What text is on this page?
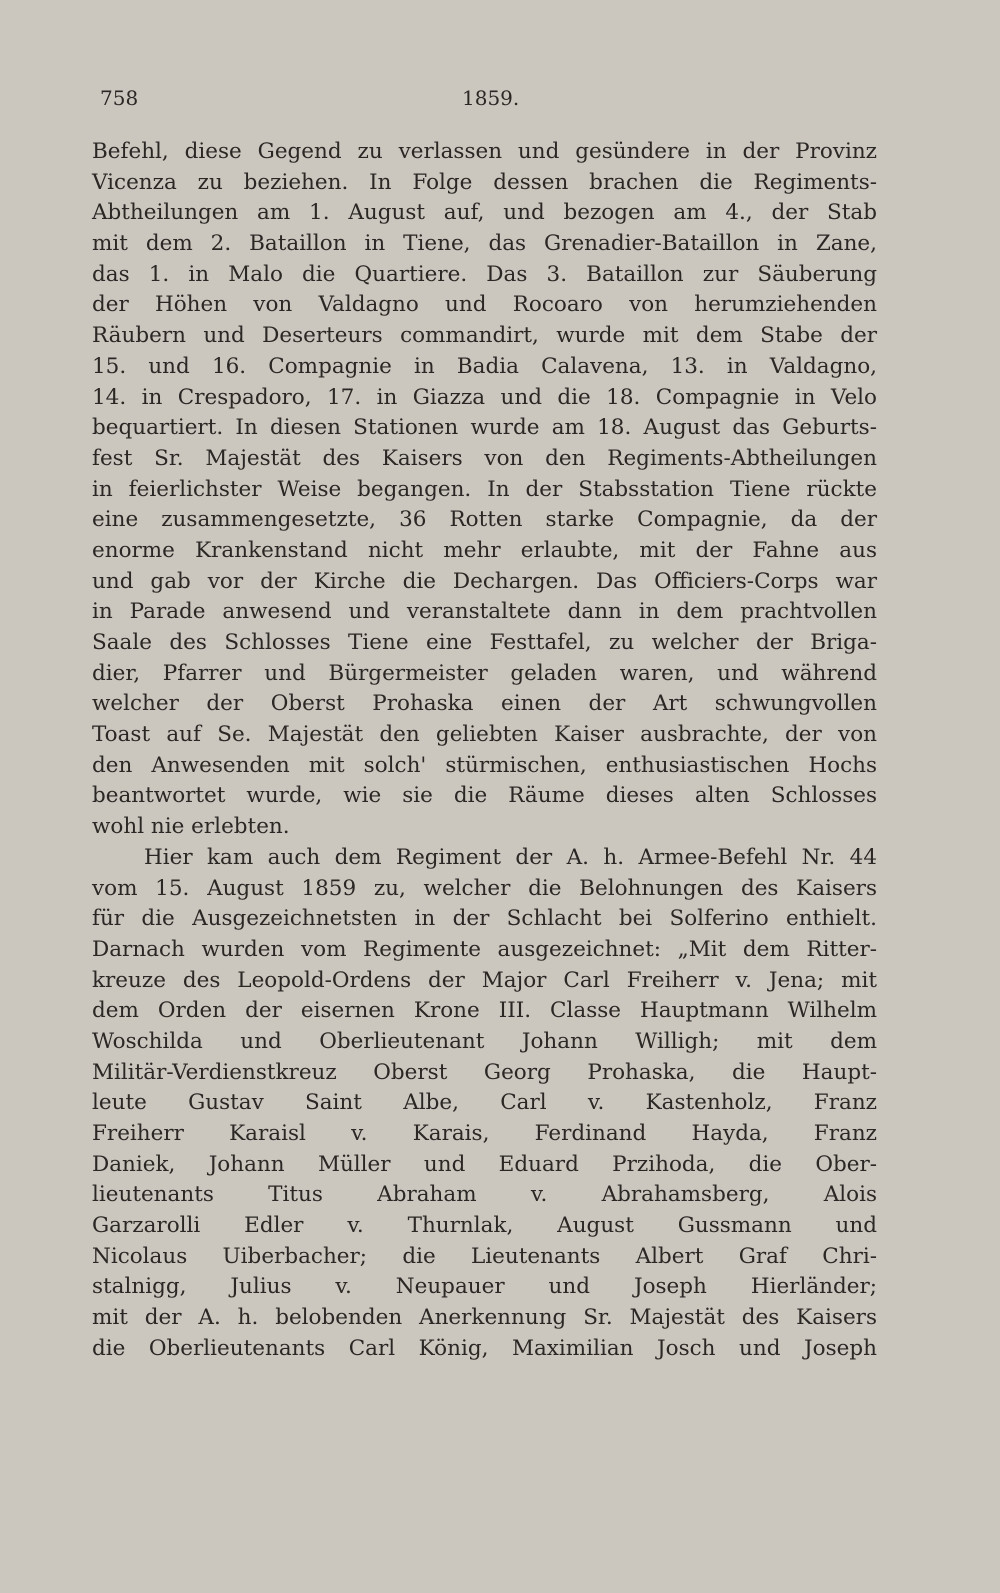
758	1859.
Befehl, diese Gegend zu verlassen und gesündere in der Provinz
Vicenza zu beziehen. In Folge dessen brachen die Regiments-
Abtheilungen am 1. August auf, und bezogen am 4., der Stab
mit dem 2. Bataillon in Tiene, das Grenadier-Bataillon in Zane,
das 1. in Malo die Quartiere. Das 3. Bataillon zur Säuberung
der Höhen von Valdagno und Rocoaro von herumziehenden
Räubern und Deserteurs commandirt, wurde mit dem Stabe der
15. und 16. Compagnie in Badia Calavena, 13. in Valdagno,
14. in Crespadoro, 17. in Giazza und die 18. Compagnie in Velo
bequartiert. In diesen Stationen wurde am 18. August das Geburts-
fest Sr. Majestät des Kaisers von den Regiments-Abtheilungen
in feierlichster Weise begangen. In der Stabsstation Tiene rückte
eine zusammengesetzte, 36 Rotten starke Compagnie, da der
enorme Krankenstand nicht mehr erlaubte, mit der Fahne aus
und gab vor der Kirche die Dechargen. Das Officiers-Corps war
in Parade anwesend und veranstaltete dann in dem prachtvollen
Saale des Schlosses Tiene eine Festtafel, zu welcher der Briga-
dier, Pfarrer und Bürgermeister geladen waren, und während
welcher der Oberst Prohaska einen der Art schwungvollen
Toast auf Se. Majestät den geliebten Kaiser ausbrachte, der von
den Anwesenden mit solch' stürmischen, enthusiastischen Hochs
beantwortet wurde, wie sie die Räume dieses alten Schlosses
wohl nie erlebten.
Hier kam auch dem Regiment der A. h. Armee-Befehl Nr. 44
vom 15. August 1859 zu, welcher die Belohnungen des Kaisers
für die Ausgezeichnetsten in der Schlacht bei Solferino enthielt.
Darnach wurden vom Regimente ausgezeichnet: „Mit dem Ritter-
kreuze des Leopold-Ordens der Major Carl Freiherr v. Jena; mit
dem Orden der eisernen Krone III. Classe Hauptmann Wilhelm
Woschilda und Oberlieutenant Johann Willigh; mit dem
Militär-Verdienstkreuz Oberst Georg Prohaska, die Haupt-
leute Gustav Saint Albe, Carl v. Kastenholz, Franz
Freiherr Karaisl v. Karais, Ferdinand Hayda, Franz
Daniek, Johann Müller und Eduard Przihoda, die Ober-
lieutenants Titus Abraham v. Abrahamsberg, Alois
Garzarolli Edler v. Thurnlak, August Gussmann und
Nicolaus Uiberbacher; die Lieutenants Albert Graf Chri-
stalnigg, Julius v. Neupauer und Joseph Hierländer;
mit der A. h. belobenden Anerkennung Sr. Majestät des Kaisers
die Oberlieutenants Carl König, Maximilian Josch und Joseph
